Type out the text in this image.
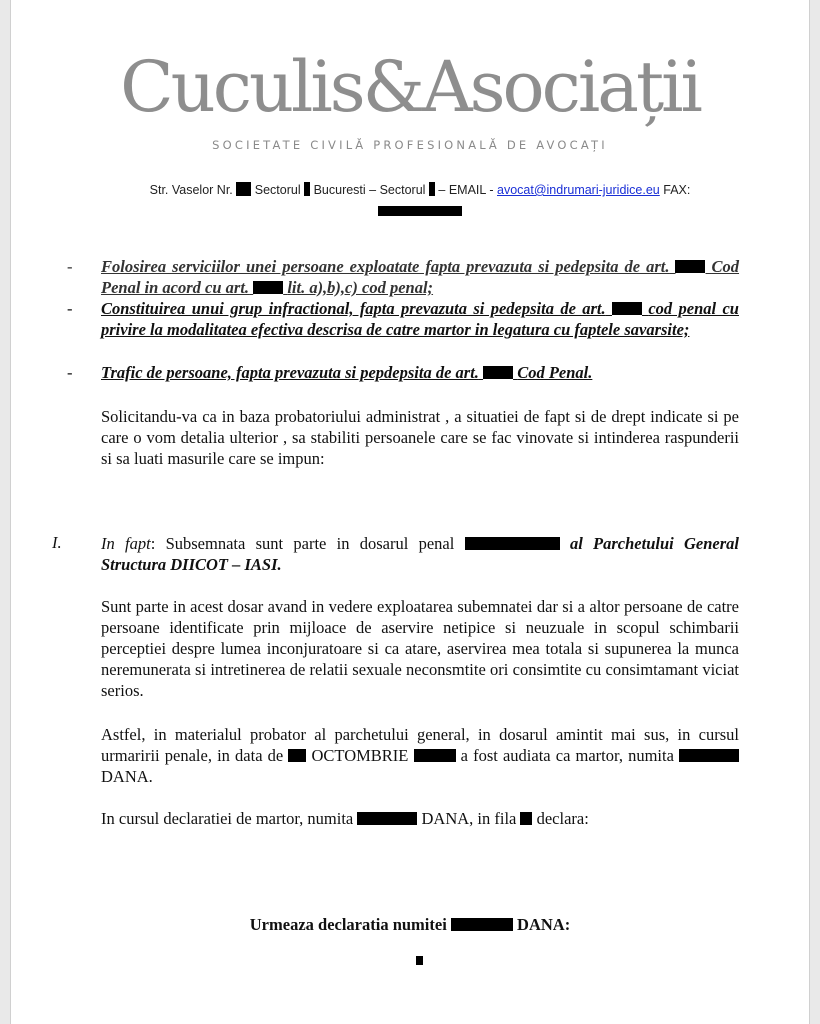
Cuculis&Asociații
SOCIETATE CIVILĂ PROFESIONALĂ DE AVOCAȚI
Str. Vaselor Nr. Sectorul Bucuresti – Sectorul – EMAIL - avocat@indrumari-juridice.eu FAX:

- Folosirea serviciilor unei persoane exploatate fapta prevazuta si pedepsita de art.	Cod Penal in acord cu art. lit. a),b),c) cod penal;
- Constituirea unui grup infractional, fapta prevazuta si pedepsita de art.	cod penal cu privire la modalitatea efectiva descrisa de catre martor in legatura cu faptele savarsite;
- Trafic de persoane, fapta prevazuta si pepdepsita de art. Cod Penal.
Solicitandu-va ca in baza probatoriului administrat , a situatiei de fapt si de drept indicate si pe care o vom detalia ulterior , sa stabiliti persoanele care se fac vinovate si intinderea raspunderii si sa luati masurile care se impun:
I. In fapt: Subsemnata sunt parte in dosarul penal	al Parchetului General Structura DIICOT – IASI.
Sunt parte in acest dosar avand in vedere exploatarea subemnatei dar si a altor persoane de catre persoane identificate prin mijloace de aservire netipice si neuzuale in scopul schimbarii perceptiei despre lumea inconjuratoare si ca atare, aservirea mea totala si supunerea la munca neremunerata si intretinerea de relatii sexuale neconsmtite ori consimtite cu consimtamant viciat serios.
Astfel, in materialul probator al parchetului general, in dosarul amintit mai sus, in cursul urmaririi penale, in data de OCTOMBRIE	a fost audiata ca martor, numita  DANA.
In cursul declaratiei de martor, numita	DANA, in fila declara:
Urmeaza declaratia numitei	DANA:
